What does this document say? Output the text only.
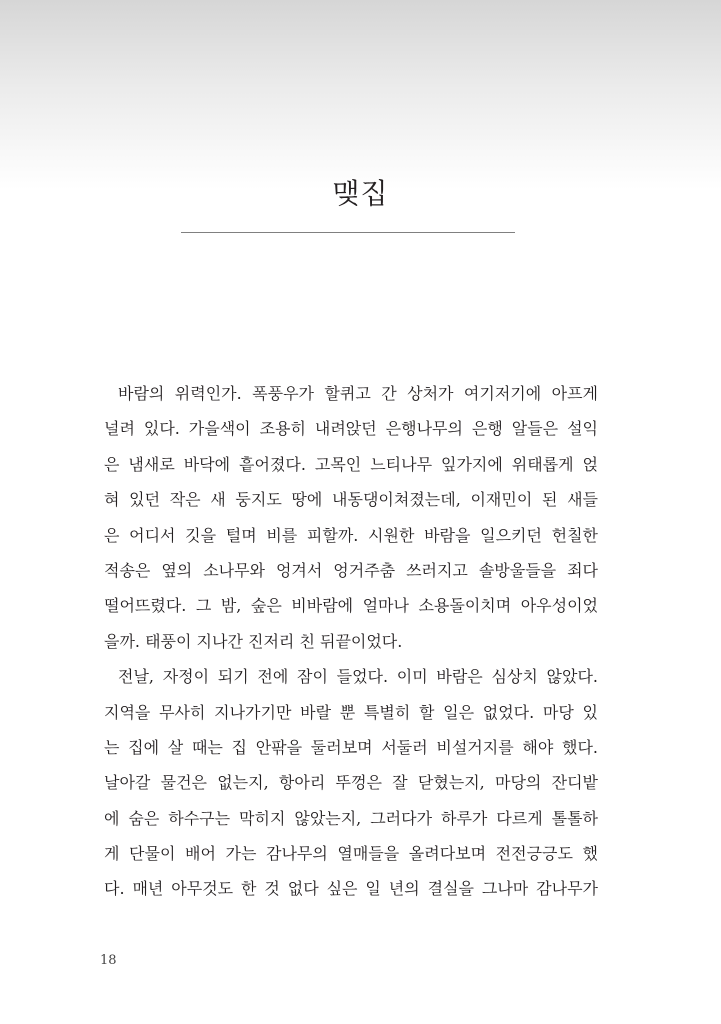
맺집
바람의 위력인가. 폭풍우가 할퀴고 간 상처가 여기저기에 아프게
널려 있다. 가을색이 조용히 내려앉던 은행나무의 은행 알들은 설익
은 냄새로 바닥에 흩어졌다. 고목인 느티나무 잎가지에 위태롭게 얹
혀 있던 작은 새 둥지도 땅에 내동댕이쳐졌는데, 이재민이 된 새들
은 어디서 깃을 털며 비를 피할까. 시원한 바람을 일으키던 헌칠한
적송은 옆의 소나무와 엉겨서 엉거주춤 쓰러지고 솔방울들을 죄다
떨어뜨렸다. 그 밤, 숲은 비바람에 얼마나 소용돌이치며 아우성이었
을까. 태풍이 지나간 진저리 친 뒤끝이었다.
전날, 자정이 되기 전에 잠이 들었다. 이미 바람은 심상치 않았다.
지역을 무사히 지나가기만 바랄 뿐 특별히 할 일은 없었다. 마당 있
는 집에 살 때는 집 안팎을 둘러보며 서둘러 비설거지를 해야 했다.
날아갈 물건은 없는지, 항아리 뚜껑은 잘 닫혔는지, 마당의 잔디밭
에 숨은 하수구는 막히지 않았는지, 그러다가 하루가 다르게 톨톨하
게 단물이 배어 가는 감나무의 열매들을 올려다보며 전전긍긍도 했
다. 매년 아무것도 한 것 없다 싶은 일 년의 결실을 그나마 감나무가
18
